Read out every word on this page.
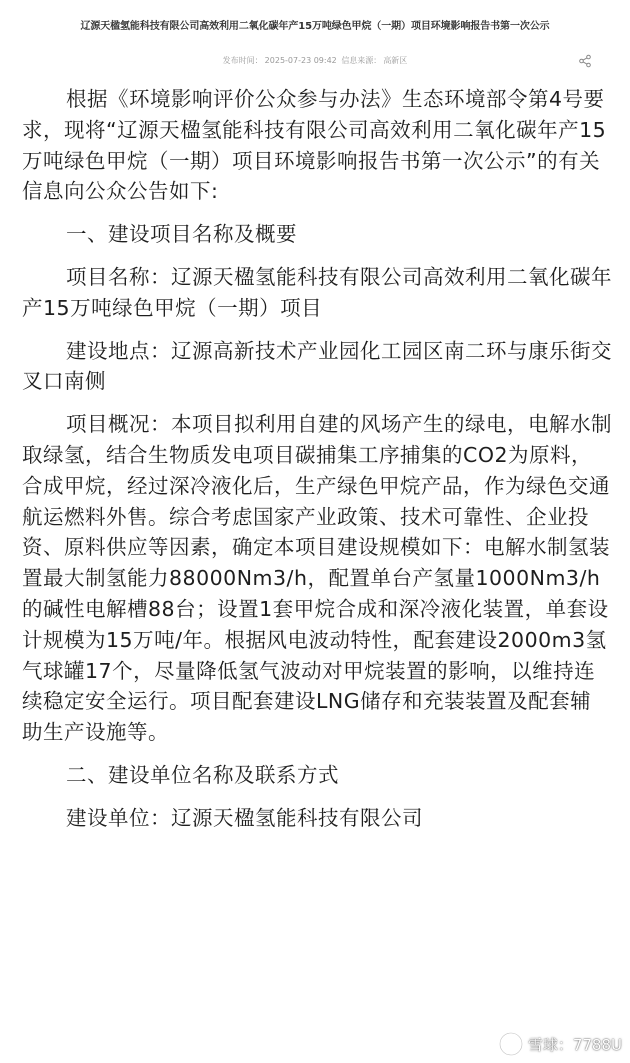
辽源天楹氢能科技有限公司高效利用二氧化碳年产15万吨绿色甲烷（一期）项目环境影响报告书第一次公示
发布时间： 2025-07-23 09:42 信息来源： 高新区

根据《环境影响评价公众参与办法》生态环境部令第4号要求，现将“辽源天楹氢能科技有限公司高效利用二氧化碳年产15万吨绿色甲烷（一期）项目环境影响报告书第一次公示”的有关信息向公众公告如下:

一、建设项目名称及概要

项目名称：辽源天楹氢能科技有限公司高效利用二氧化碳年产15万吨绿色甲烷（一期）项目

建设地点：辽源高新技术产业园化工园区南二环与康乐街交叉口南侧

项目概况：本项目拟利用自建的风场产生的绿电，电解水制取绿氢，结合生物质发电项目碳捕集工序捕集的CO2为原料，合成甲烷，经过深冷液化后，生产绿色甲烷产品，作为绿色交通航运燃料外售。综合考虑国家产业政策、技术可靠性、企业投资、原料供应等因素，确定本项目建设规模如下：电解水制氢装置最大制氢能力88000Nm3/h，配置单台产氢量1000Nm3/h的碱性电解槽88台；设置1套甲烷合成和深冷液化装置，单套设计规模为15万吨/年。根据风电波动特性，配套建设2000m3氢气球罐17个，尽量降低氢气波动对甲烷装置的影响，以维持连续稳定安全运行。项目配套建设LNG储存和充装装置及配套辅助生产设施等。

二、建设单位名称及联系方式

建设单位：辽源天楹氢能科技有限公司

雪球：7788U
